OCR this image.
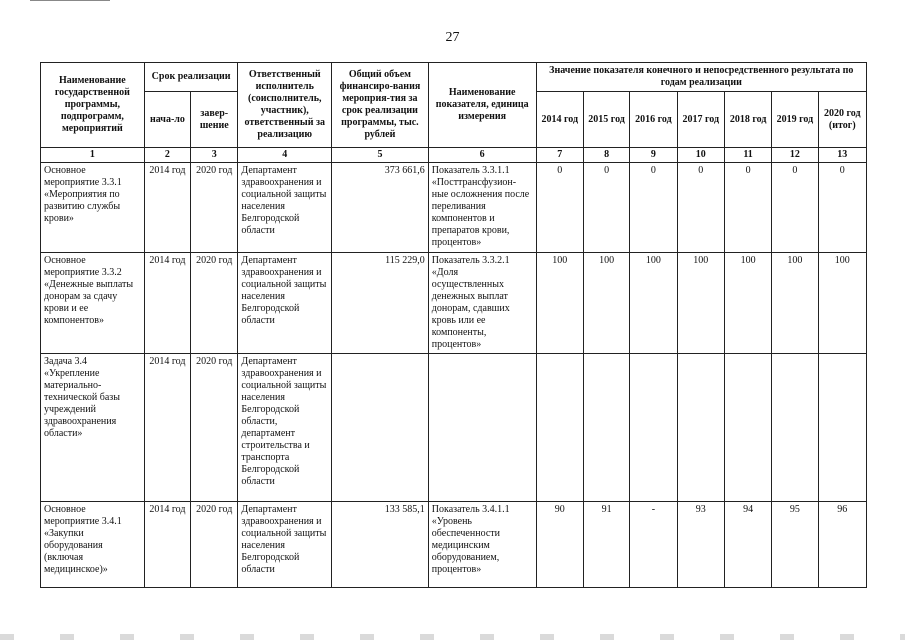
27
Наименование государственной программы, подпрограмм, мероприятий	Срок реализации		Ответственный исполнитель (соисполнитель, участник), ответственный за реализацию	Общий объем финансиро-вания мероприя-тия за срок реализации программы, тыс. рублей	Наименование показателя, единица измерения	Значение показателя конечного и непосредственного результата по годам реализации						
	нача-ло	завер-шение				2014 год	2015 год	2016 год	2017 год	2018 год	2019 год	2020 год (итог)
1	2	3	4	5	6	7	8	9	10	11	12	13
Основное мероприятие 3.3.1 «Мероприятия по развитию службы крови»	2014 год	2020 год	Департамент здравоохранения и социальной защиты населения Белгородской области	373 661,6	Показатель 3.3.1.1 «Посттрансфузион-ные осложнения после переливания компонентов и препаратов крови, процентов»	0	0	0	0	0	0	0
Основное мероприятие 3.3.2 «Денежные выплаты донорам за сдачу крови и ее компонентов»	2014 год	2020 год	Департамент здравоохранения и социальной защиты населения Белгородской области	115 229,0	Показатель 3.3.2.1 «Доля осуществленных денежных выплат донорам, сдавших кровь или ее компоненты, процентов»	100	100	100	100	100	100	100
Задача 3.4 «Укрепление материально-технической базы учреждений здравоохранения области»	2014 год	2020 год	Департамент здравоохранения и социальной защиты населения Белгородской области, департамент строительства и транспорта Белгородской области									
Основное мероприятие 3.4.1 «Закупки оборудования (включая медицинское)»	2014 год	2020 год	Департамент здравоохранения и социальной защиты населения Белгородской области	133 585,1	Показатель 3.4.1.1 «Уровень обеспеченности медицинским оборудованием, процентов»	90	91	-	93	94	95	96
